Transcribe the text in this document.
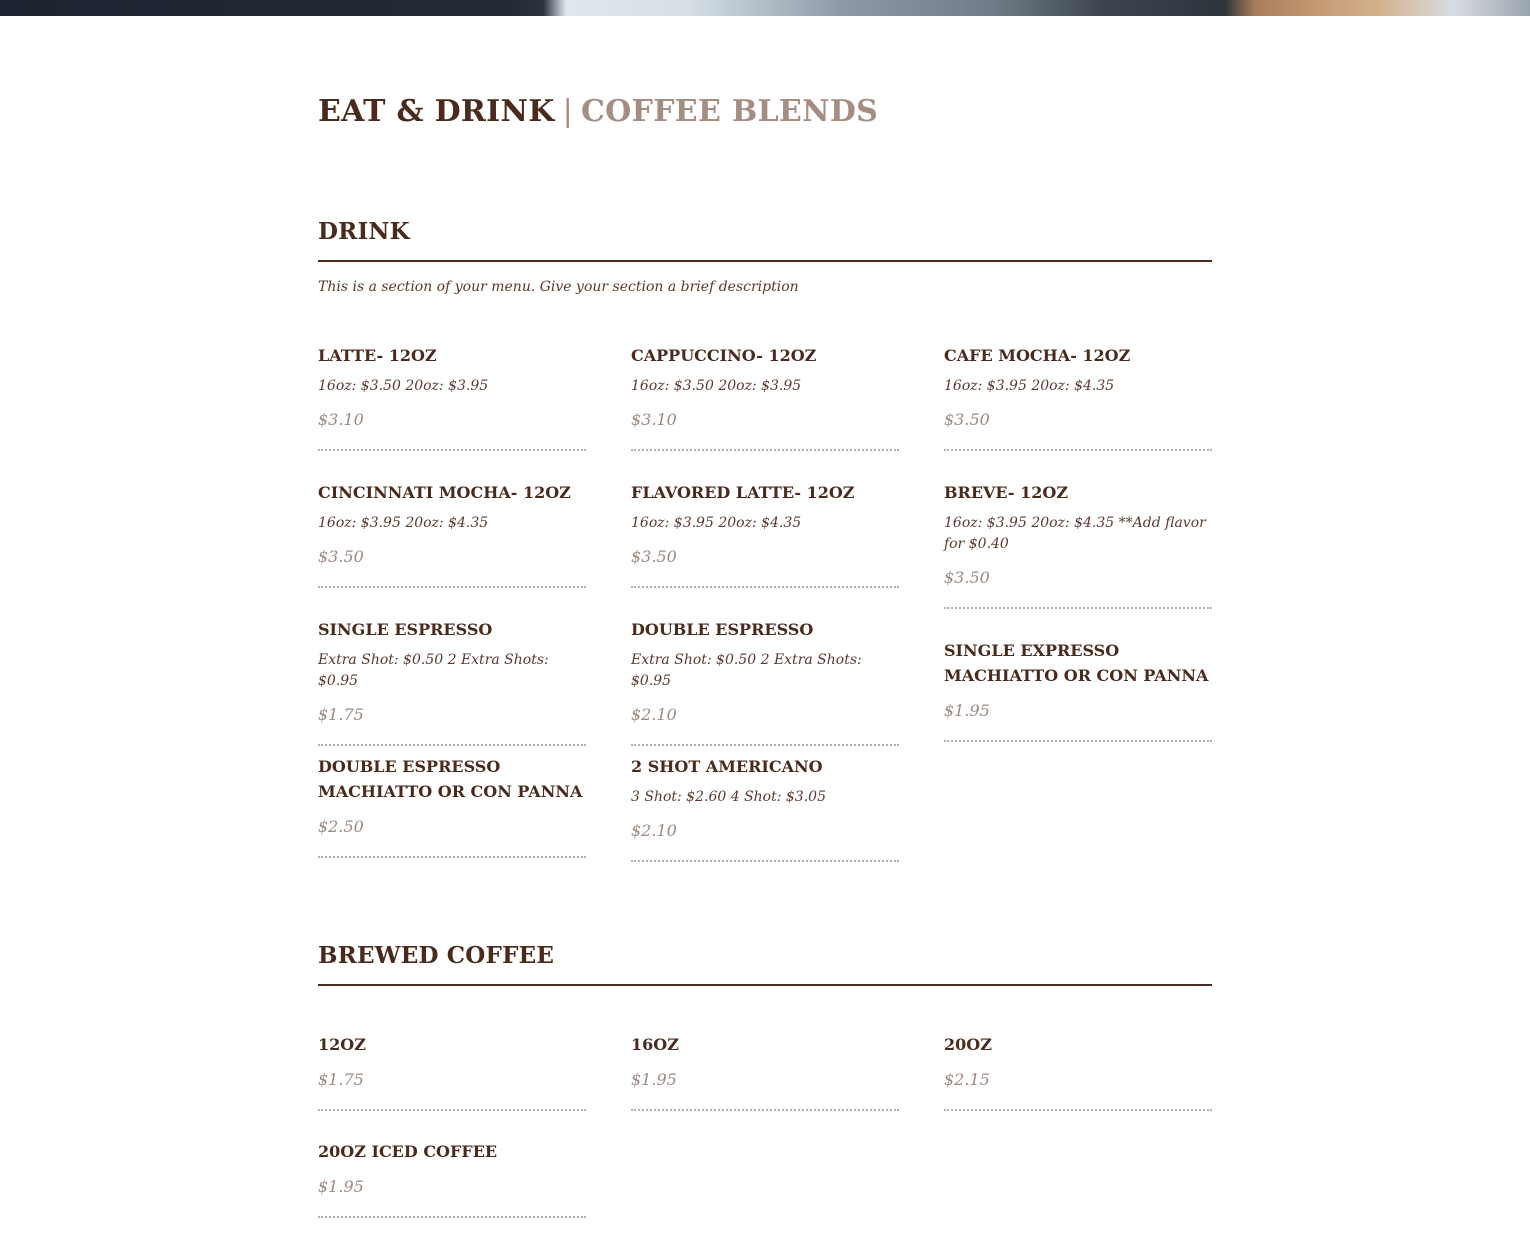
EAT & DRINK | COFFEE BLENDS
DRINK

This is a section of your menu. Give your section a brief description

LATTE- 12OZ

16oz: $3.50 20oz: $3.95

$3.10

CAPPUCCINO- 12OZ

16oz: $3.50 20oz: $3.95

$3.10

CAFE MOCHA- 12OZ

16oz: $3.95 20oz: $4.35

$3.50

CINCINNATI MOCHA- 12OZ

16oz: $3.95 20oz: $4.35

$3.50

FLAVORED LATTE- 12OZ

16oz: $3.95 20oz: $4.35

$3.50

BREVE- 12OZ

16oz: $3.95 20oz: $4.35 **Add flavor for $0.40

$3.50

SINGLE ESPRESSO

Extra Shot: $0.50 2 Extra Shots: $0.95

$1.75

DOUBLE ESPRESSO

Extra Shot: $0.50 2 Extra Shots: $0.95

$2.10

SINGLE EXPRESSO MACHIATTO OR CON PANNA

$1.95

DOUBLE ESPRESSO MACHIATTO OR CON PANNA

$2.50

2 SHOT AMERICANO

3 Shot: $2.60 4 Shot: $3.05

$2.10

BREWED COFFEE

12OZ

$1.75

16OZ

$1.95

20OZ

$2.15

20OZ ICED COFFEE

$1.95
